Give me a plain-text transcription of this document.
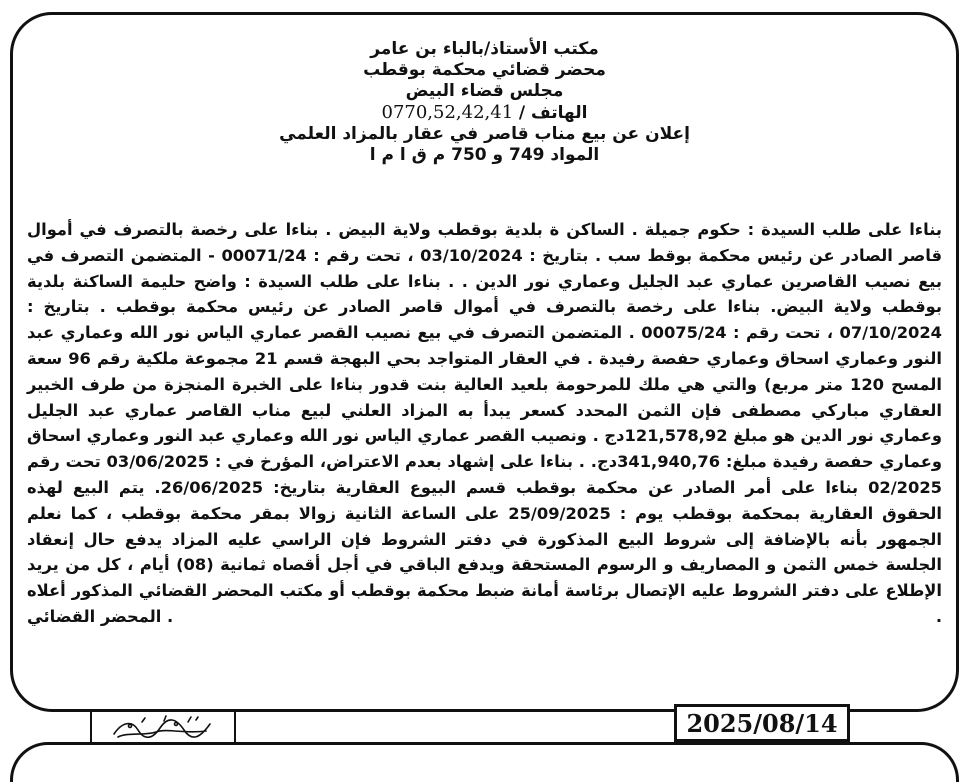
مكتب الأستاذ/بالباء بن عامر
محضر قضائي محكمة بوقطب
مجلس قضاء البيض
الهاتف / 0770,52,42,41
إعلان عن بيع مناب قاصر في عقار بالمزاد العلمي
المواد 749 و 750 م ق ا م ا
بناءا على طلب السيدة : حكوم جميلة . الساكن ة بلدية بوقطب ولاية البيض . بناءا على رخصة بالتصرف في أموال قاصر الصادر عن رئيس محكمة بوقط سب . بتاريخ : 03/10/2024 ، تحت رقم : 00071/24 - المتضمن التصرف في بيع نصيب القاصرين عماري عبد الجليل وعماري نور الدين . . بناءا على طلب السيدة : واضح حليمة الساكنة بلدية بوقطب ولاية البيض. بناءا على رخصة بالتصرف في أموال قاصر الصادر عن رئيس محكمة بوقطب . بتاريخ : 07/10/2024 ، تحت رقم : 00075/24 . المتضمن التصرف في بيع نصيب القصر عماري الياس نور الله وعماري عبد النور وعماري اسحاق وعماري حفصة رفيدة . في العقار المتواجد بحي البهجة قسم 21 مجموعة ملكية رقم 96 سعة المسح 120 متر مربع) والتي هي ملك للمرحومة بلعيد العالية بنت قدور بناءا على الخبرة المنجزة من طرف الخبير العقاري مباركي مصطفى فإن الثمن المحدد كسعر يبدأ به المزاد العلني لبيع مناب القاصر عماري عبد الجليل وعماري نور الدين هو مبلغ 121,578,92دج . ونصيب القصر عماري الياس نور الله وعماري عبد النور وعماري اسحاق وعماري حفصة رفيدة مبلغ: 341,940,76دج. . بناءا على إشهاد بعدم الاعتراض، المؤرخ في : 03/06/2025 تحت رقم 02/2025 بناءا على أمر الصادر عن محكمة بوقطب قسم البيوع العقارية بتاريخ: 26/06/2025. يتم البيع لهذه الحقوق العقارية بمحكمة بوقطب يوم : 25/09/2025 على الساعة الثانية زوالا بمقر محكمة بوقطب ، كما نعلم الجمهور بأنه بالإضافة إلى شروط البيع المذكورة في دفتر الشروط فإن الراسي عليه المزاد يدفع حال إنعقاد الجلسة خمس الثمن و المصاريف و الرسوم المستحقة ويدفع الباقي في أجل أقصاه ثمانية (08) أيام ، كل من يريد الإطلاع على دفتر الشروط عليه الإتصال برئاسة أمانة ضبط محكمة بوقطب أو مكتب المحضر القضائي المذكور أعلاه .
. المحضر القضائي
2025/08/14
